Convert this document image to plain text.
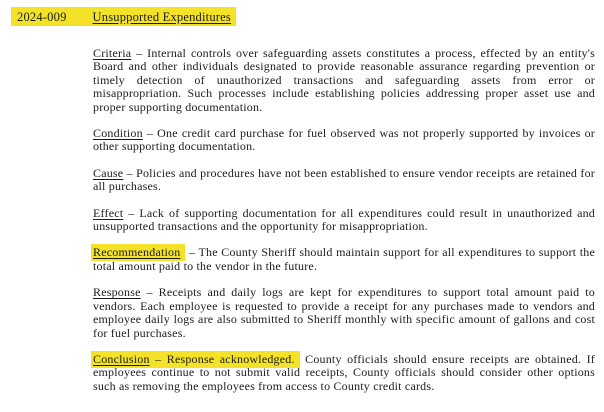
2024-009 Unsupported Expenditures

Criteria – Internal controls over safeguarding assets constitutes a process, effected by an entity's Board and other individuals designated to provide reasonable assurance regarding prevention or timely detection of unauthorized transactions and safeguarding assets from error or misappropriation. Such processes include establishing policies addressing proper asset use and proper supporting documentation.

Condition – One credit card purchase for fuel observed was not properly supported by invoices or other supporting documentation.

Cause – Policies and procedures have not been established to ensure vendor receipts are retained for all purchases.

Effect – Lack of supporting documentation for all expenditures could result in unauthorized and unsupported transactions and the opportunity for misappropriation.

Recommendation – The County Sheriff should maintain support for all expenditures to support the total amount paid to the vendor in the future.

Response – Receipts and daily logs are kept for expenditures to support total amount paid to vendors. Each employee is requested to provide a receipt for any purchases made to vendors and employee daily logs are also submitted to Sheriff monthly with specific amount of gallons and cost for fuel purchases.

Conclusion – Response acknowledged. County officials should ensure receipts are obtained. If employees continue to not submit valid receipts, County officials should consider other options such as removing the employees from access to County credit cards.
